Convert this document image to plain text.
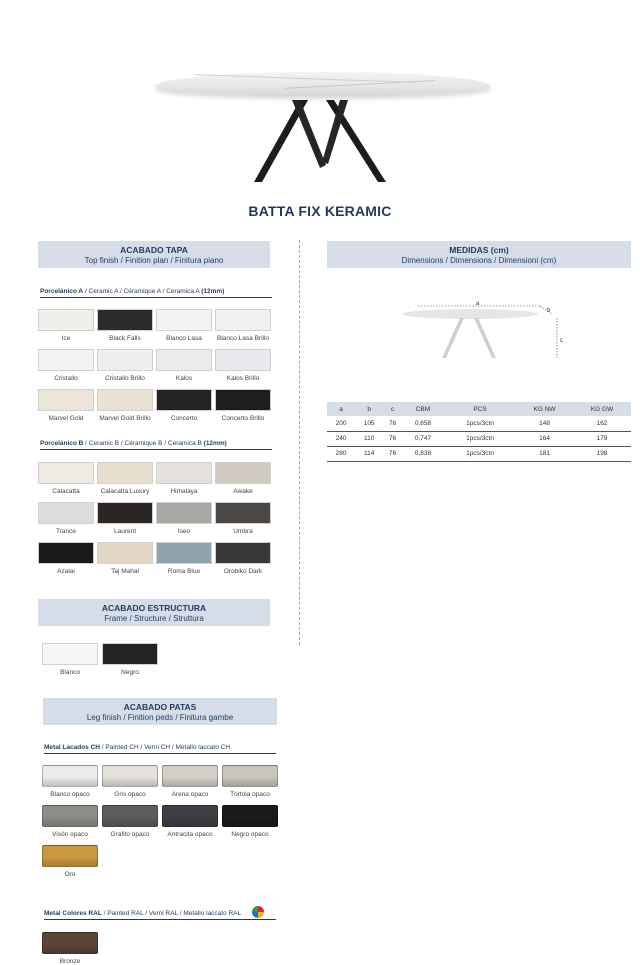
BATTA FIX KERAMIC
ACABADO TAPA
Top finish / Finition plan / Finitura piano
Porcelánico A / Ceramic A / Céramique A / Ceramica A (12mm)
Ice	Black Falls	Blanco Lasa	Blanco Lasa Brillo
Cristallo	Cristallo Brillo	Kalos	Kalos Brillo
Marvel Gold	Marvel Gold Brillo	Concerto	Concerto Brillo
Porcelánico B / Ceramic B / Céramique B / Ceramica B (12mm)
Calacatta	Calacatta Luxury	Himalaya	Awake
Trance	Laurent	Iseo	Umbra
Azalai	Taj Mahal	Roma Blue	Orobiko Dark
ACABADO ESTRUCTURA
Frame / Structure / Struttura
Blanco	Negro
ACABADO PATAS
Leg finish / Finition peds / Finitura gambe
Metal Lacados CH / Painted CH / Verni CH / Metallo laccato CH
Blanco opaco	Gris opaco	Arena opaco	Tórtola opaco
Visón opaco	Grafito opaco	Antracita opaco	Negro opaco
Oro
Metal Colores RAL / Painted RAL / Verni RAL / Metallo laccato RAL
Bronze
MEDIDAS (cm)
Dimensions / Dimensions / Dimensioni (cm)
a
b
c
a	b	c	CBM	PCS	KG NW	KG GW
200	105	76	0,658	1pcs/3ctn	148	162
240	110	76	0,747	1pcs/3ctn	164	179
280	114	76	0,838	1pcs/3ctn	181	198
